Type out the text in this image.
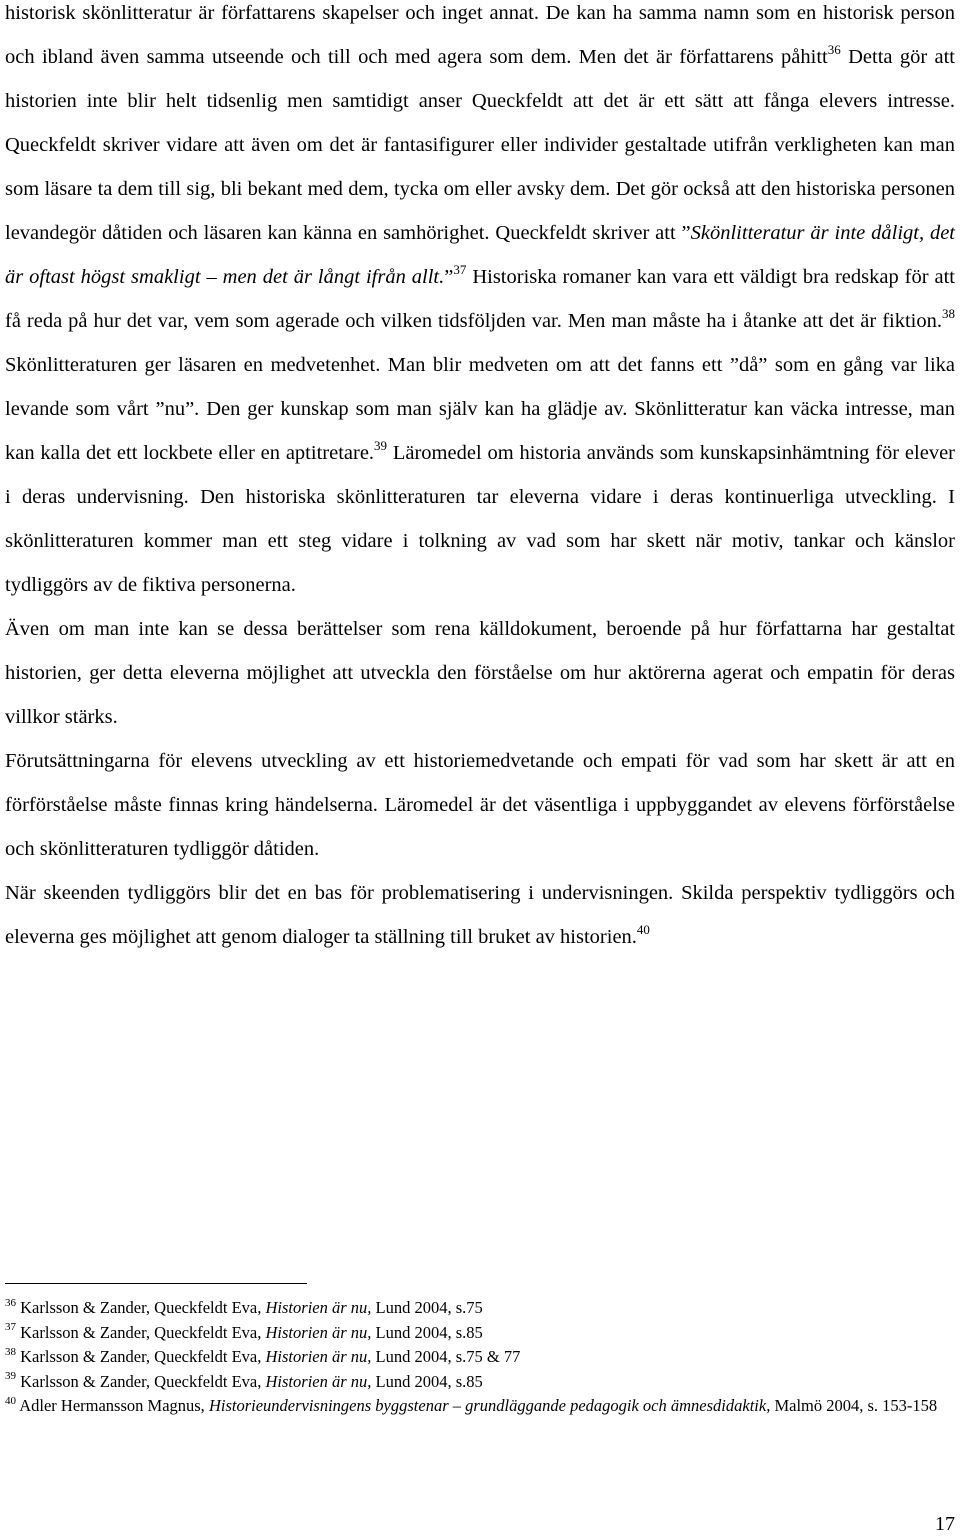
historisk skönlitteratur är författarens skapelser och inget annat. De kan ha samma namn som en historisk person och ibland även samma utseende och till och med agera som dem. Men det är författarens påhitt$^{36}$ Detta gör att historien inte blir helt tidsenlig men samtidigt anser Queckfeldt att det är ett sätt att fånga elevers intresse. Queckfeldt skriver vidare att även om det är fantasifigurer eller individer gestaltade utifrån verkligheten kan man som läsare ta dem till sig, bli bekant med dem, tycka om eller avsky dem. Det gör också att den historiska personen levandegör dåtiden och läsaren kan känna en samhörighet. Queckfeldt skriver att ”Skönlitteratur är inte dåligt, det är oftast högst smakligt – men det är långt ifrån allt.”$^{37}$ Historiska romaner kan vara ett väldigt bra redskap för att få reda på hur det var, vem som agerade och vilken tidsföljden var. Men man måste ha i åtanke att det är fiktion.$^{38}$ Skönlitteraturen ger läsaren en medvetenhet. Man blir medveten om att det fanns ett ”då” som en gång var lika levande som vårt ”nu”. Den ger kunskap som man själv kan ha glädje av. Skönlitteratur kan väcka intresse, man kan kalla det ett lockbete eller en aptitretare.$^{39}$ Läromedel om historia används som kunskapsinhämtning för elever i deras undervisning. Den historiska skönlitteraturen tar eleverna vidare i deras kontinuerliga utveckling. I skönlitteraturen kommer man ett steg vidare i tolkning av vad som har skett när motiv, tankar och känslor tydliggörs av de fiktiva personerna.

Även om man inte kan se dessa berättelser som rena källdokument, beroende på hur författarna har gestaltat historien, ger detta eleverna möjlighet att utveckla den förståelse om hur aktörerna agerat och empatin för deras villkor stärks.

Förutsättningarna för elevens utveckling av ett historiemedvetande och empati för vad som har skett är att en förförståelse måste finnas kring händelserna. Läromedel är det väsentliga i uppbyggandet av elevens förförståelse och skönlitteraturen tydliggör dåtiden.

När skeenden tydliggörs blir det en bas för problematisering i undervisningen. Skilda perspektiv tydliggörs och eleverna ges möjlighet att genom dialoger ta ställning till bruket av historien.$^{40}$

$^{36}$ Karlsson & Zander, Queckfeldt Eva, Historien är nu, Lund 2004, s.75

$^{37}$ Karlsson & Zander, Queckfeldt Eva, Historien är nu, Lund 2004, s.85

$^{38}$ Karlsson & Zander, Queckfeldt Eva, Historien är nu, Lund 2004, s.75 & 77

$^{39}$ Karlsson & Zander, Queckfeldt Eva, Historien är nu, Lund 2004, s.85

$^{40}$ Adler Hermansson Magnus, Historieundervisningens byggstenar – grundläggande pedagogik och ämnesdidaktik, Malmö 2004, s. 153-158

17
